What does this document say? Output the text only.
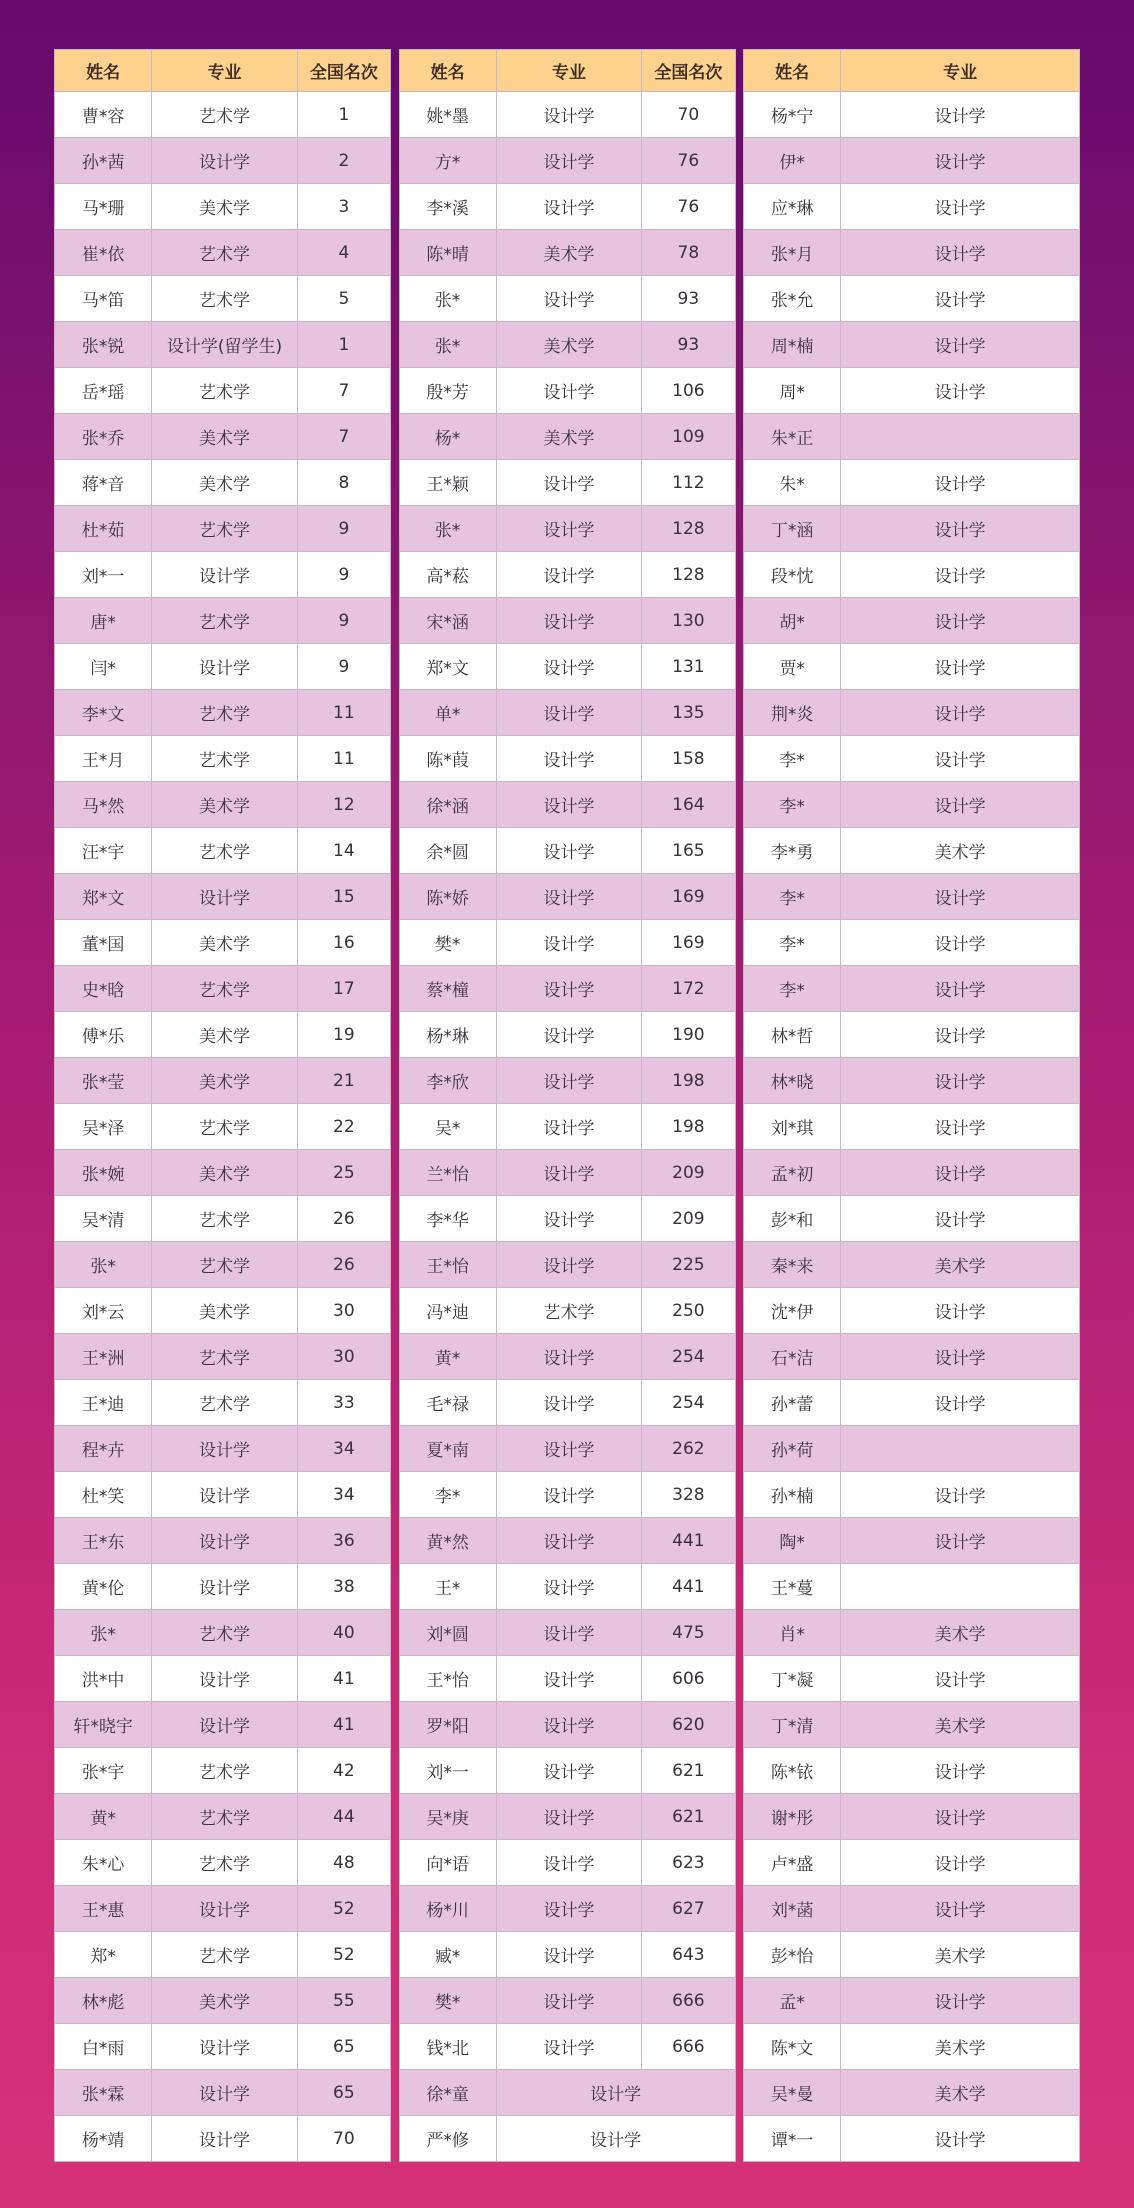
姓名	专业	全国名次
曹*容	艺术学	1
孙*茜	设计学	2
马*珊	美术学	3
崔*依	艺术学	4
马*笛	艺术学	5
张*锐	设计学(留学生)	1
岳*瑶	艺术学	7
张*乔	美术学	7
蒋*音	美术学	8
杜*茹	艺术学	9
刘*一	设计学	9
唐*	艺术学	9
闫*	设计学	9
李*文	艺术学	11
王*月	艺术学	11
马*然	美术学	12
汪*宇	艺术学	14
郑*文	设计学	15
董*国	美术学	16
史*晗	艺术学	17
傅*乐	美术学	19
张*莹	美术学	21
吴*泽	艺术学	22
张*婉	美术学	25
吴*清	艺术学	26
张*	艺术学	26
刘*云	美术学	30
王*洲	艺术学	30
王*迪	艺术学	33
程*卉	设计学	34
杜*笑	设计学	34
王*东	设计学	36
黄*伦	设计学	38
张*	艺术学	40
洪*中	设计学	41
轩*晓宇	设计学	41
张*宇	艺术学	42
黄*	艺术学	44
朱*心	艺术学	48
王*惠	设计学	52
郑*	艺术学	52
林*彪	美术学	55
白*雨	设计学	65
张*霖	设计学	65
杨*靖	设计学	70
姓名	专业	全国名次
姚*墨	设计学	70
方*	设计学	76
李*溪	设计学	76
陈*晴	美术学	78
张*	设计学	93
张*	美术学	93
殷*芳	设计学	106
杨*	美术学	109
王*颖	设计学	112
张*	设计学	128
高*菘	设计学	128
宋*涵	设计学	130
郑*文	设计学	131
单*	设计学	135
陈*葭	设计学	158
徐*涵	设计学	164
余*圆	设计学	165
陈*娇	设计学	169
樊*	设计学	169
蔡*橦	设计学	172
杨*琳	设计学	190
李*欣	设计学	198
吴*	设计学	198
兰*怡	设计学	209
李*华	设计学	209
王*怡	设计学	225
冯*迪	艺术学	250
黄*	设计学	254
毛*禄	设计学	254
夏*南	设计学	262
李*	设计学	328
黄*然	设计学	441
王*	设计学	441
刘*圆	设计学	475
王*怡	设计学	606
罗*阳	设计学	620
刘*一	设计学	621
吴*庚	设计学	621
向*语	设计学	623
杨*川	设计学	627
臧*	设计学	643
樊*	设计学	666
钱*北	设计学	666
徐*童	设计学	
严*修	设计学	
姓名	专业
杨*宁	设计学
伊*	设计学
应*琳	设计学
张*月	设计学
张*允	设计学
周*楠	设计学
周*	设计学
朱*正	
朱*	设计学
丁*涵	设计学
段*忱	设计学
胡*	设计学
贾*	设计学
荆*炎	设计学
李*	设计学
李*	设计学
李*勇	美术学
李*	设计学
李*	设计学
李*	设计学
林*哲	设计学
林*晓	设计学
刘*琪	设计学
孟*初	设计学
彭*和	设计学
秦*来	美术学
沈*伊	设计学
石*洁	设计学
孙*蕾	设计学
孙*荷	
孙*楠	设计学
陶*	设计学
王*蔓	
肖*	美术学
丁*凝	设计学
丁*清	美术学
陈*铱	设计学
谢*彤	设计学
卢*盛	设计学
刘*菡	设计学
彭*怡	美术学
孟*	设计学
陈*文	美术学
吴*曼	美术学
谭*一	设计学
